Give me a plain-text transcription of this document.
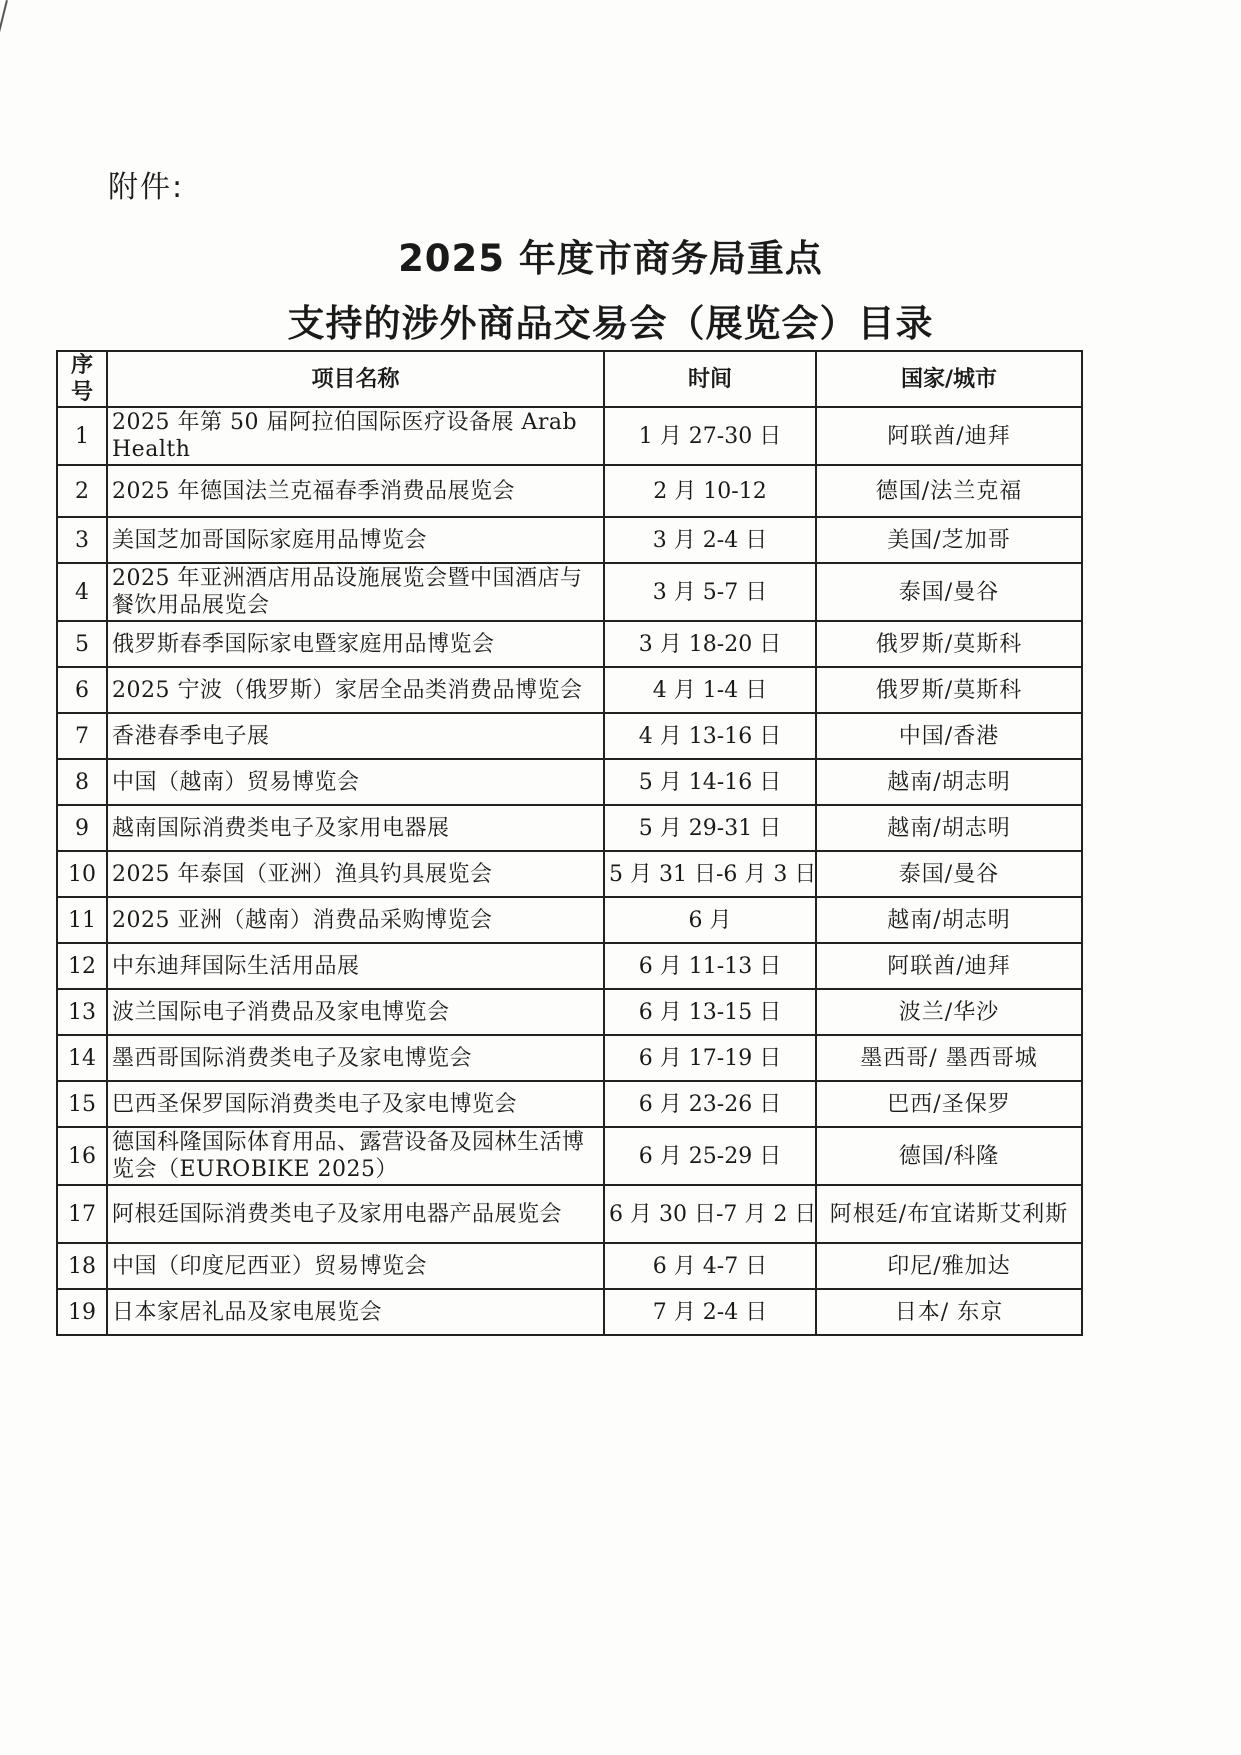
附件:
2025 年度市商务局重点
支持的涉外商品交易会（展览会）目录
序号	项目名称	时间	国家/城市
1	2025 年第 50 届阿拉伯国际医疗设备展 Arab Health	1 月 27-30 日	阿联酋/迪拜
2	2025 年德国法兰克福春季消费品展览会	2 月 10-12	德国/法兰克福
3	美国芝加哥国际家庭用品博览会	3 月 2-4 日	美国/芝加哥
4	2025 年亚洲酒店用品设施展览会暨中国酒店与餐饮用品展览会	3 月 5-7 日	泰国/曼谷
5	俄罗斯春季国际家电暨家庭用品博览会	3 月 18-20 日	俄罗斯/莫斯科
6	2025 宁波（俄罗斯）家居全品类消费品博览会	4 月 1-4 日	俄罗斯/莫斯科
7	香港春季电子展	4 月 13-16 日	中国/香港
8	中国（越南）贸易博览会	5 月 14-16 日	越南/胡志明
9	越南国际消费类电子及家用电器展	5 月 29-31 日	越南/胡志明
10	2025 年泰国（亚洲）渔具钓具展览会	5 月 31 日-6 月 3 日	泰国/曼谷
11	2025 亚洲（越南）消费品采购博览会	6 月	越南/胡志明
12	中东迪拜国际生活用品展	6 月 11-13 日	阿联酋/迪拜
13	波兰国际电子消费品及家电博览会	6 月 13-15 日	波兰/华沙
14	墨西哥国际消费类电子及家电博览会	6 月 17-19 日	墨西哥/ 墨西哥城
15	巴西圣保罗国际消费类电子及家电博览会	6 月 23-26 日	巴西/圣保罗
16	德国科隆国际体育用品、露营设备及园林生活博览会（EUROBIKE 2025）	6 月 25-29 日	德国/科隆
17	阿根廷国际消费类电子及家用电器产品展览会	6 月 30 日-7 月 2 日	阿根廷/布宜诺斯艾利斯
18	中国（印度尼西亚）贸易博览会	6 月 4-7 日	印尼/雅加达
19	日本家居礼品及家电展览会	7 月 2-4 日	日本/ 东京
